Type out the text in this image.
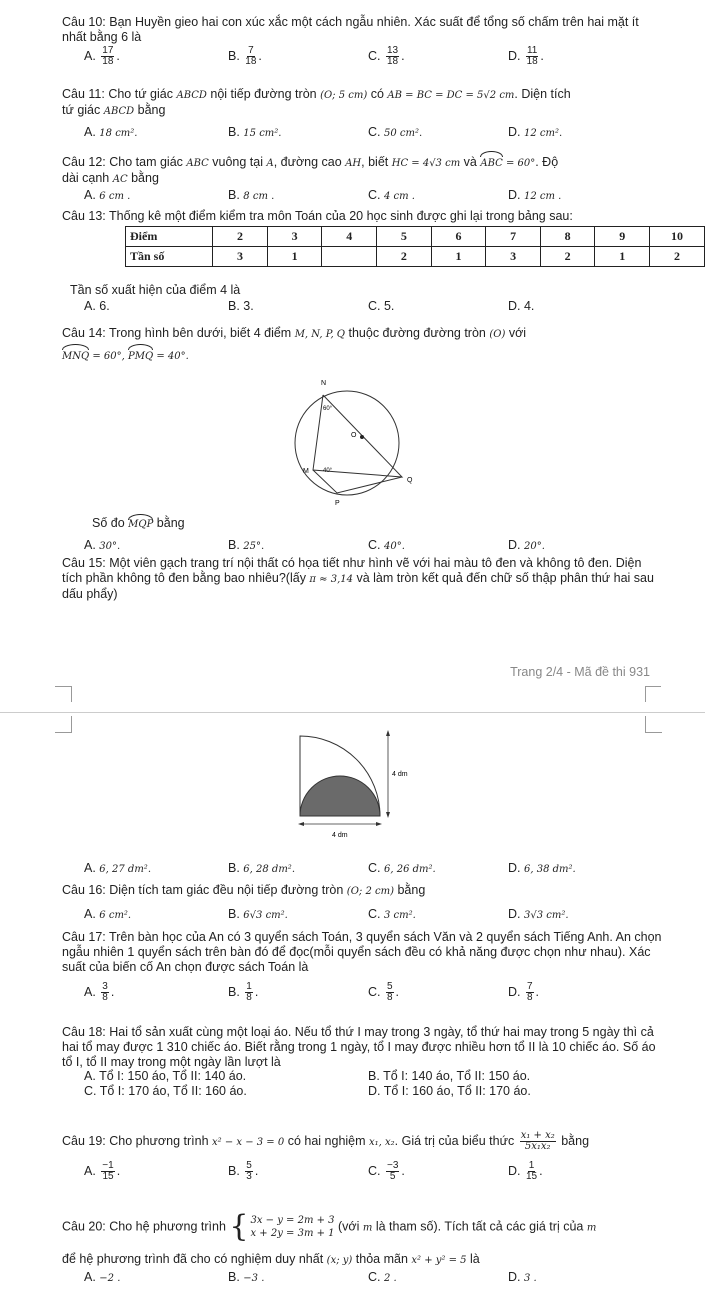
Câu 10: Bạn Huyền gieo hai con xúc xắc một cách ngẫu nhiên. Xác suất để tổng số chấm trên hai mặt ít nhất bằng 6 là
A. $\frac{17}{18}$ .	B. $\frac{7}{18}$ .	C. $\frac{13}{18}$ .	D. $\frac{11}{18}$ .
Câu 11: Cho tứ giác ABCD nội tiếp đường tròn (O; 5 cm) có AB = BC = DC = 5√2 cm. Diện tích
tứ giác ABCD bằng
A. 18 cm².	B. 15 cm².	C. 50 cm².	D. 12 cm².
Câu 12: Cho tam giác ABC vuông tại A, đường cao AH, biết HC = 4√3 cm và ABC = 60°. Độ
dài cạnh AC bằng
A. 6 cm .	B. 8 cm .	C. 4 cm .	D. 12 cm .
Câu 13: Thống kê một điểm kiểm tra môn Toán của 20 học sinh được ghi lại trong bảng sau:
Điểm	2	3	4	5	6	7	8	9	10
Tần số	3	1		2	1	3	2	1	2
Tần số xuất hiện của điểm 4 là
A. 6.	B. 3.	C. 5.	D. 4.
Câu 14: Trong hình bên dưới, biết 4 điểm M, N, P, Q thuộc đường đường tròn (O) với
MNQ = 60°, PMQ = 40°.
N
O
M
Q
P
60°
40°
Số đo MQP bằng
A. 30°.	B. 25°.	C. 40°.	D. 20°.
Câu 15: Một viên gạch trang trí nội thất có họa tiết như hình vẽ với hai màu tô đen và không tô đen. Diện tích phần không tô đen bằng bao nhiêu?(lấy π ≈ 3,14 và làm tròn kết quả đến chữ số thập phân thứ hai sau dấu phẩy)
Trang 2/4 - Mã đề thi 931
4 dm
4 dm
A. 6, 27 dm².	B. 6, 28 dm².	C. 6, 26 dm².	D. 6, 38 dm².
Câu 16: Diện tích tam giác đều nội tiếp đường tròn (O; 2 cm) bằng
A. 6 cm².	B. 6√3 cm².	C. 3 cm².	D. 3√3 cm².
Câu 17: Trên bàn học của An có 3 quyển sách Toán, 3 quyển sách Văn và 2 quyển sách Tiếng Anh. An chọn ngẫu nhiên 1 quyển sách trên bàn đó để đọc(mỗi quyển sách đều có khả năng được chọn như nhau). Xác suất của biến cố An chọn được sách Toán là
A. $\frac{3}{8}$ .	B. $\frac{1}{8}$ .	C. $\frac{5}{8}$ .	D. $\frac{7}{8}$ .
Câu 18: Hai tổ sản xuất cùng một loại áo. Nếu tổ thứ I may trong 3 ngày, tổ thứ hai may trong 5 ngày thì cả hai tổ may được 1 310 chiếc áo. Biết rằng trong 1 ngày, tổ I may được nhiều hơn tổ II là 10 chiếc áo. Số áo tổ I, tổ II may trong một ngày lần lượt là
A. Tổ I: 150 áo, Tổ II: 140 áo.	B. Tổ I: 140 áo, Tổ II: 150 áo.
C. Tổ I: 170 áo, Tổ II: 160 áo.	D. Tổ I: 160 áo, Tổ II: 170 áo.
Câu 19: Cho phương trình x² − x − 3 = 0 có hai nghiệm x₁, x₂. Giá trị của biểu thức $\frac{\text{x₁ + x₂}}{\text{5x₁x₂}}$ bằng
A. $\frac{-1}{15}$ .	B. $\frac{5}{3}$ .	C. $\frac{-3}{5}$ .	D. $\frac{1}{15}$ .
Câu 20: Cho hệ phương trình { 3x − y = 2m + 3
x + 2y = 3m + 1
(với m là tham số). Tích tất cả các giá trị của m
để hệ phương trình đã cho có nghiệm duy nhất (x; y) thỏa mãn x² + y² = 5 là
A. −2 .	B. −3 .	C. 2 .	D. 3 .
